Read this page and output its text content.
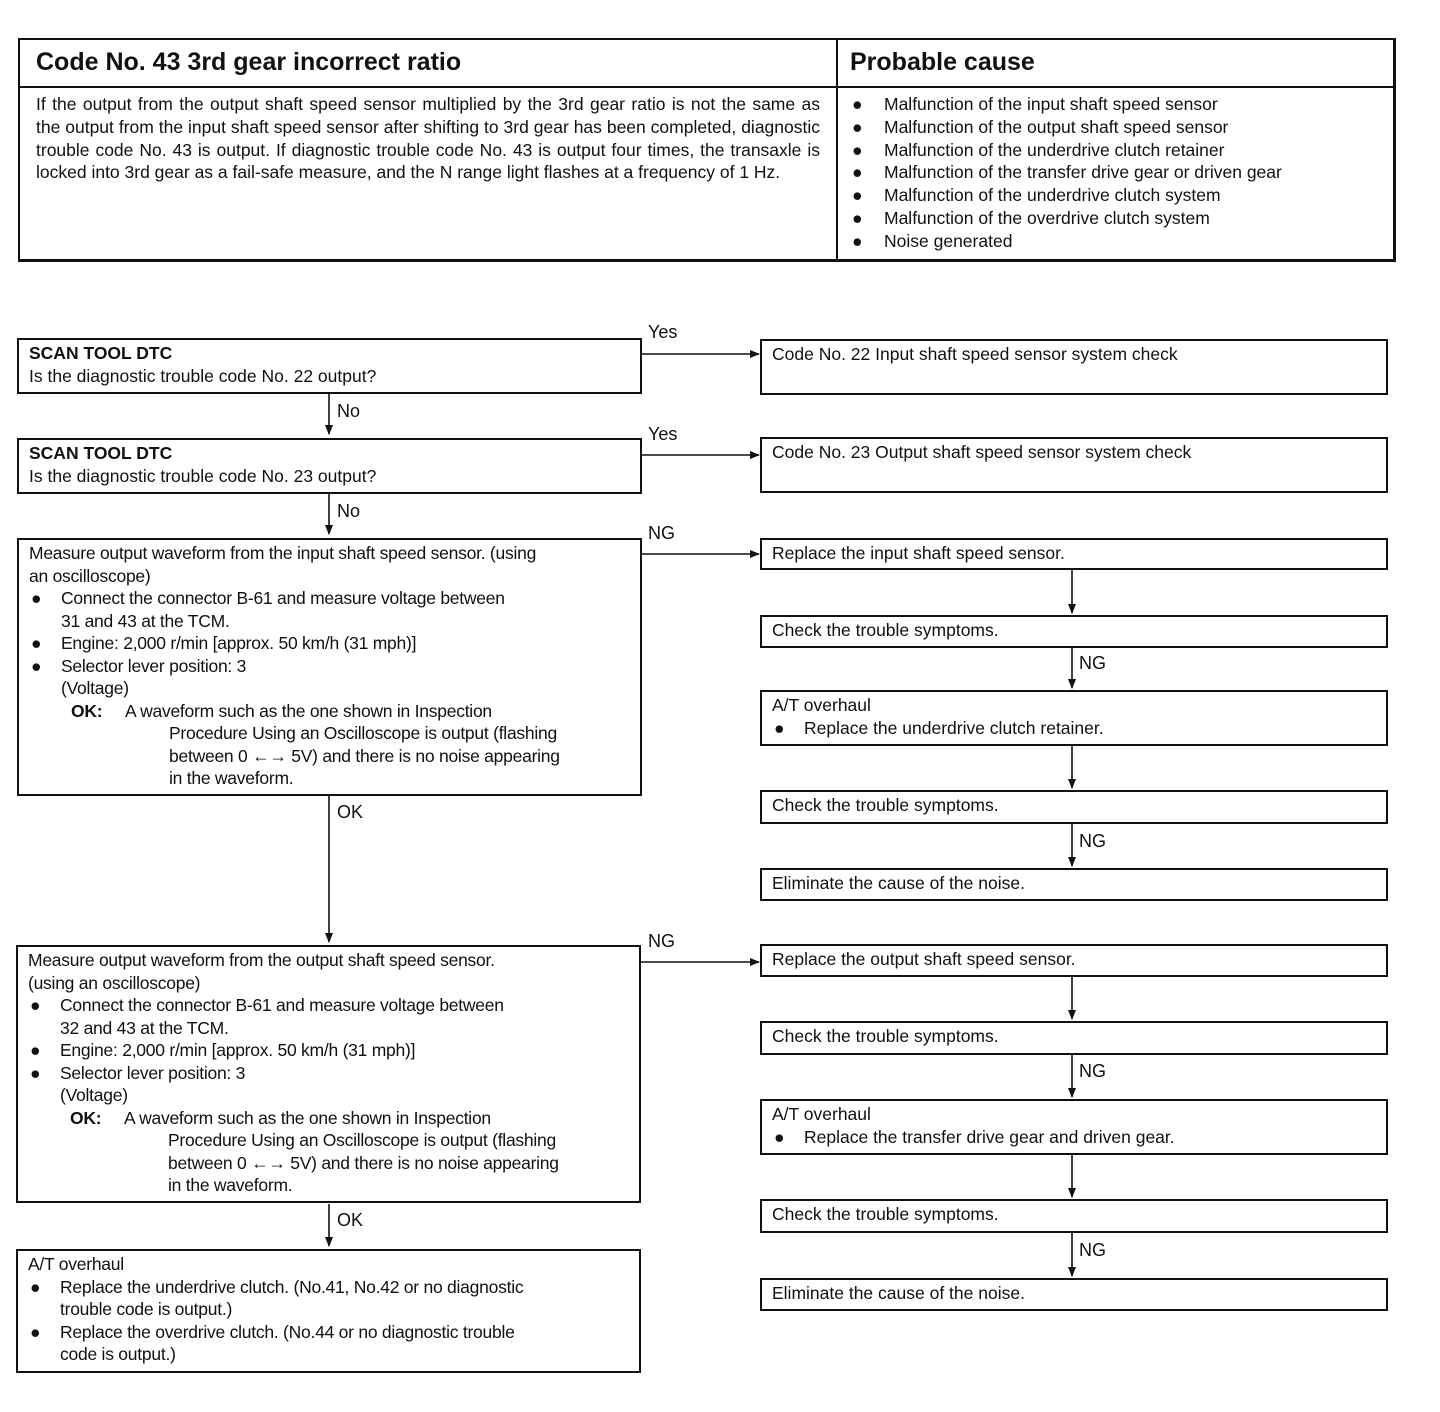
Code No. 43 3rd gear incorrect ratio	Probable cause
If the output from the output shaft speed sensor multiplied by the 3rd gear ratio is not the same as the output from the input shaft speed sensor after shifting to 3rd gear has been completed, diagnostic trouble code No. 43 is output. If diagnostic trouble code No. 43 is output four times, the transaxle is locked into 3rd gear as a fail-safe measure, and the N range light flashes at a frequency of 1 Hz.
● Malfunction of the input shaft speed sensor
● Malfunction of the output shaft speed sensor
● Malfunction of the underdrive clutch retainer
● Malfunction of the transfer drive gear or driven gear
● Malfunction of the underdrive clutch system
● Malfunction of the overdrive clutch system
● Noise generated
SCAN TOOL DTC
Is the diagnostic trouble code No. 22 output?
SCAN TOOL DTC
Is the diagnostic trouble code No. 23 output?
Measure output waveform from the input shaft speed sensor. (using
an oscilloscope)
● Connect the connector B-61 and measure voltage between
31 and 43 at the TCM.
● Engine: 2,000 r/min [approx. 50 km/h (31 mph)]
● Selector lever position: 3
(Voltage)
OK: A waveform such as the one shown in Inspection
Procedure Using an Oscilloscope is output (flashing
between 0 ←→ 5V) and there is no noise appearing
in the waveform.
Measure output waveform from the output shaft speed sensor.
(using an oscilloscope)
● Connect the connector B-61 and measure voltage between
32 and 43 at the TCM.
● Engine: 2,000 r/min [approx. 50 km/h (31 mph)]
● Selector lever position: 3
(Voltage)
OK: A waveform such as the one shown in Inspection
Procedure Using an Oscilloscope is output (flashing
between 0 ←→ 5V) and there is no noise appearing
in the waveform.
A/T overhaul
● Replace the underdrive clutch. (No.41, No.42 or no diagnostic
trouble code is output.)
● Replace the overdrive clutch. (No.44 or no diagnostic trouble
code is output.)
Code No. 22 Input shaft speed sensor system check
Code No. 23 Output shaft speed sensor system check
Replace the input shaft speed sensor.
Check the trouble symptoms.
A/T overhaul
● Replace the underdrive clutch retainer.
Check the trouble symptoms.
Eliminate the cause of the noise.
Replace the output shaft speed sensor.
Check the trouble symptoms.
A/T overhaul
● Replace the transfer drive gear and driven gear.
Check the trouble symptoms.
Eliminate the cause of the noise.
Yes
Yes
NG
NG
No
No
OK
OK
NG
NG
NG
NG
